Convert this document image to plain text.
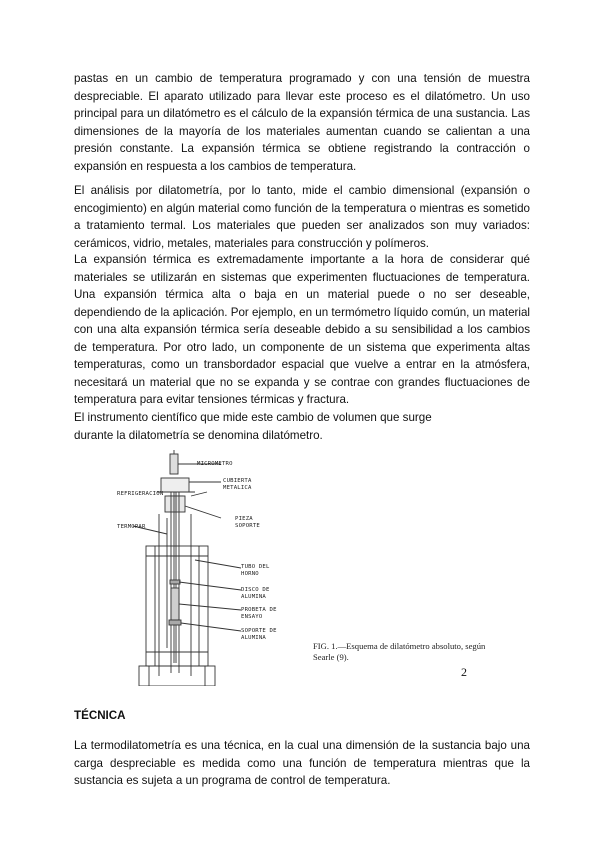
pastas en un cambio de temperatura programado y con una tensión de muestra despreciable. El aparato utilizado para llevar este proceso es el dilatómetro. Un uso principal para un dilatómetro es el cálculo de la expansión térmica de una sustancia. Las dimensiones de la mayoría de los materiales aumentan cuando se calientan a una presión constante. La expansión térmica se obtiene registrando la contracción o expansión en respuesta a los cambios de temperatura.

El análisis por dilatometría, por lo tanto, mide el cambio dimensional (expansión o encogimiento) en algún material como función de la temperatura o mientras es sometido a tratamiento termal. Los materiales que pueden ser analizados son muy variados: cerámicos, vidrio, metales, materiales para construcción y polímeros.

La expansión térmica es extremadamente importante a la hora de considerar qué materiales se utilizarán en sistemas que experimenten fluctuaciones de temperatura. Una expansión térmica alta o baja en un material puede o no ser deseable, dependiendo de la aplicación. Por ejemplo, en un termómetro líquido común, un material con una alta expansión térmica sería deseable debido a su sensibilidad a los cambios de temperatura. Por otro lado, un componente de un sistema que experimenta altas temperaturas, como un transbordador espacial que vuelve a entrar en la atmósfera, necesitará un material que no se expanda y se contrae con grandes fluctuaciones de temperatura para evitar tensiones térmicas y fractura.

El instrumento científico que mide este cambio de volumen que surge durante la dilatometría se denomina dilatómetro.

MICROMETRO
CUBIERTA
METALICA
REFRIGERACION
PIEZA
SOPORTE
TERMOPAR
TUBO DEL
HORNO
DISCO DE
ALUMINA
PROBETA DE
ENSAYO
SOPORTE DE
ALUMINA

FIG. 1.—Esquema de dilatómetro absoluto, según Searle (9).

2

TÉCNICA

La termodilatometría es una técnica, en la cual una dimensión de la sustancia bajo una carga despreciable es medida como una función de temperatura mientras que la sustancia es sujeta a un programa de control de temperatura.
